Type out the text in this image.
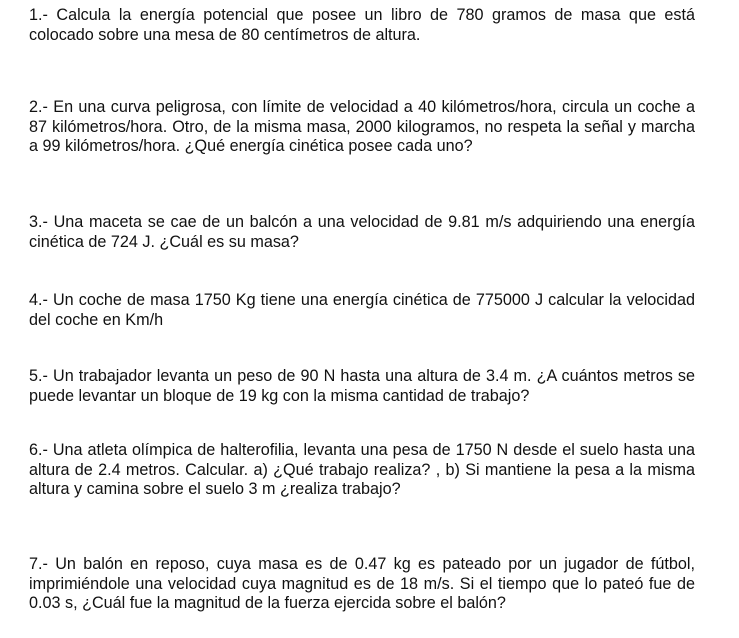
1.- Calcula la energía potencial que posee un libro de 780 gramos de masa que está colocado sobre una mesa de 80 centímetros de altura.

2.- En una curva peligrosa, con límite de velocidad a 40 kilómetros/hora, circula un coche a 87 kilómetros/hora. Otro, de la misma masa, 2000 kilogramos, no respeta la señal y marcha a 99 kilómetros/hora. ¿Qué energía cinética posee cada uno?

3.- Una maceta se cae de un balcón a una velocidad de 9.81 m/s adquiriendo una energía cinética de 724 J. ¿Cuál es su masa?

4.- Un coche de masa 1750 Kg tiene una energía cinética de 775000 J calcular la velocidad del coche en Km/h

5.- Un trabajador levanta un peso de 90 N hasta una altura de 3.4 m. ¿A cuántos metros se puede levantar un bloque de 19 kg con la misma cantidad de trabajo?

6.- Una atleta olímpica de halterofilia, levanta una pesa de 1750 N desde el suelo hasta una altura de 2.4 metros. Calcular. a) ¿Qué trabajo realiza? , b) Si mantiene la pesa a la misma altura y camina sobre el suelo 3 m ¿realiza trabajo?

7.- Un balón en reposo, cuya masa es de 0.47 kg es pateado por un jugador de fútbol, imprimiéndole una velocidad cuya magnitud es de 18 m/s. Si el tiempo que lo pateó fue de 0.03 s, ¿Cuál fue la magnitud de la fuerza ejercida sobre el balón?
